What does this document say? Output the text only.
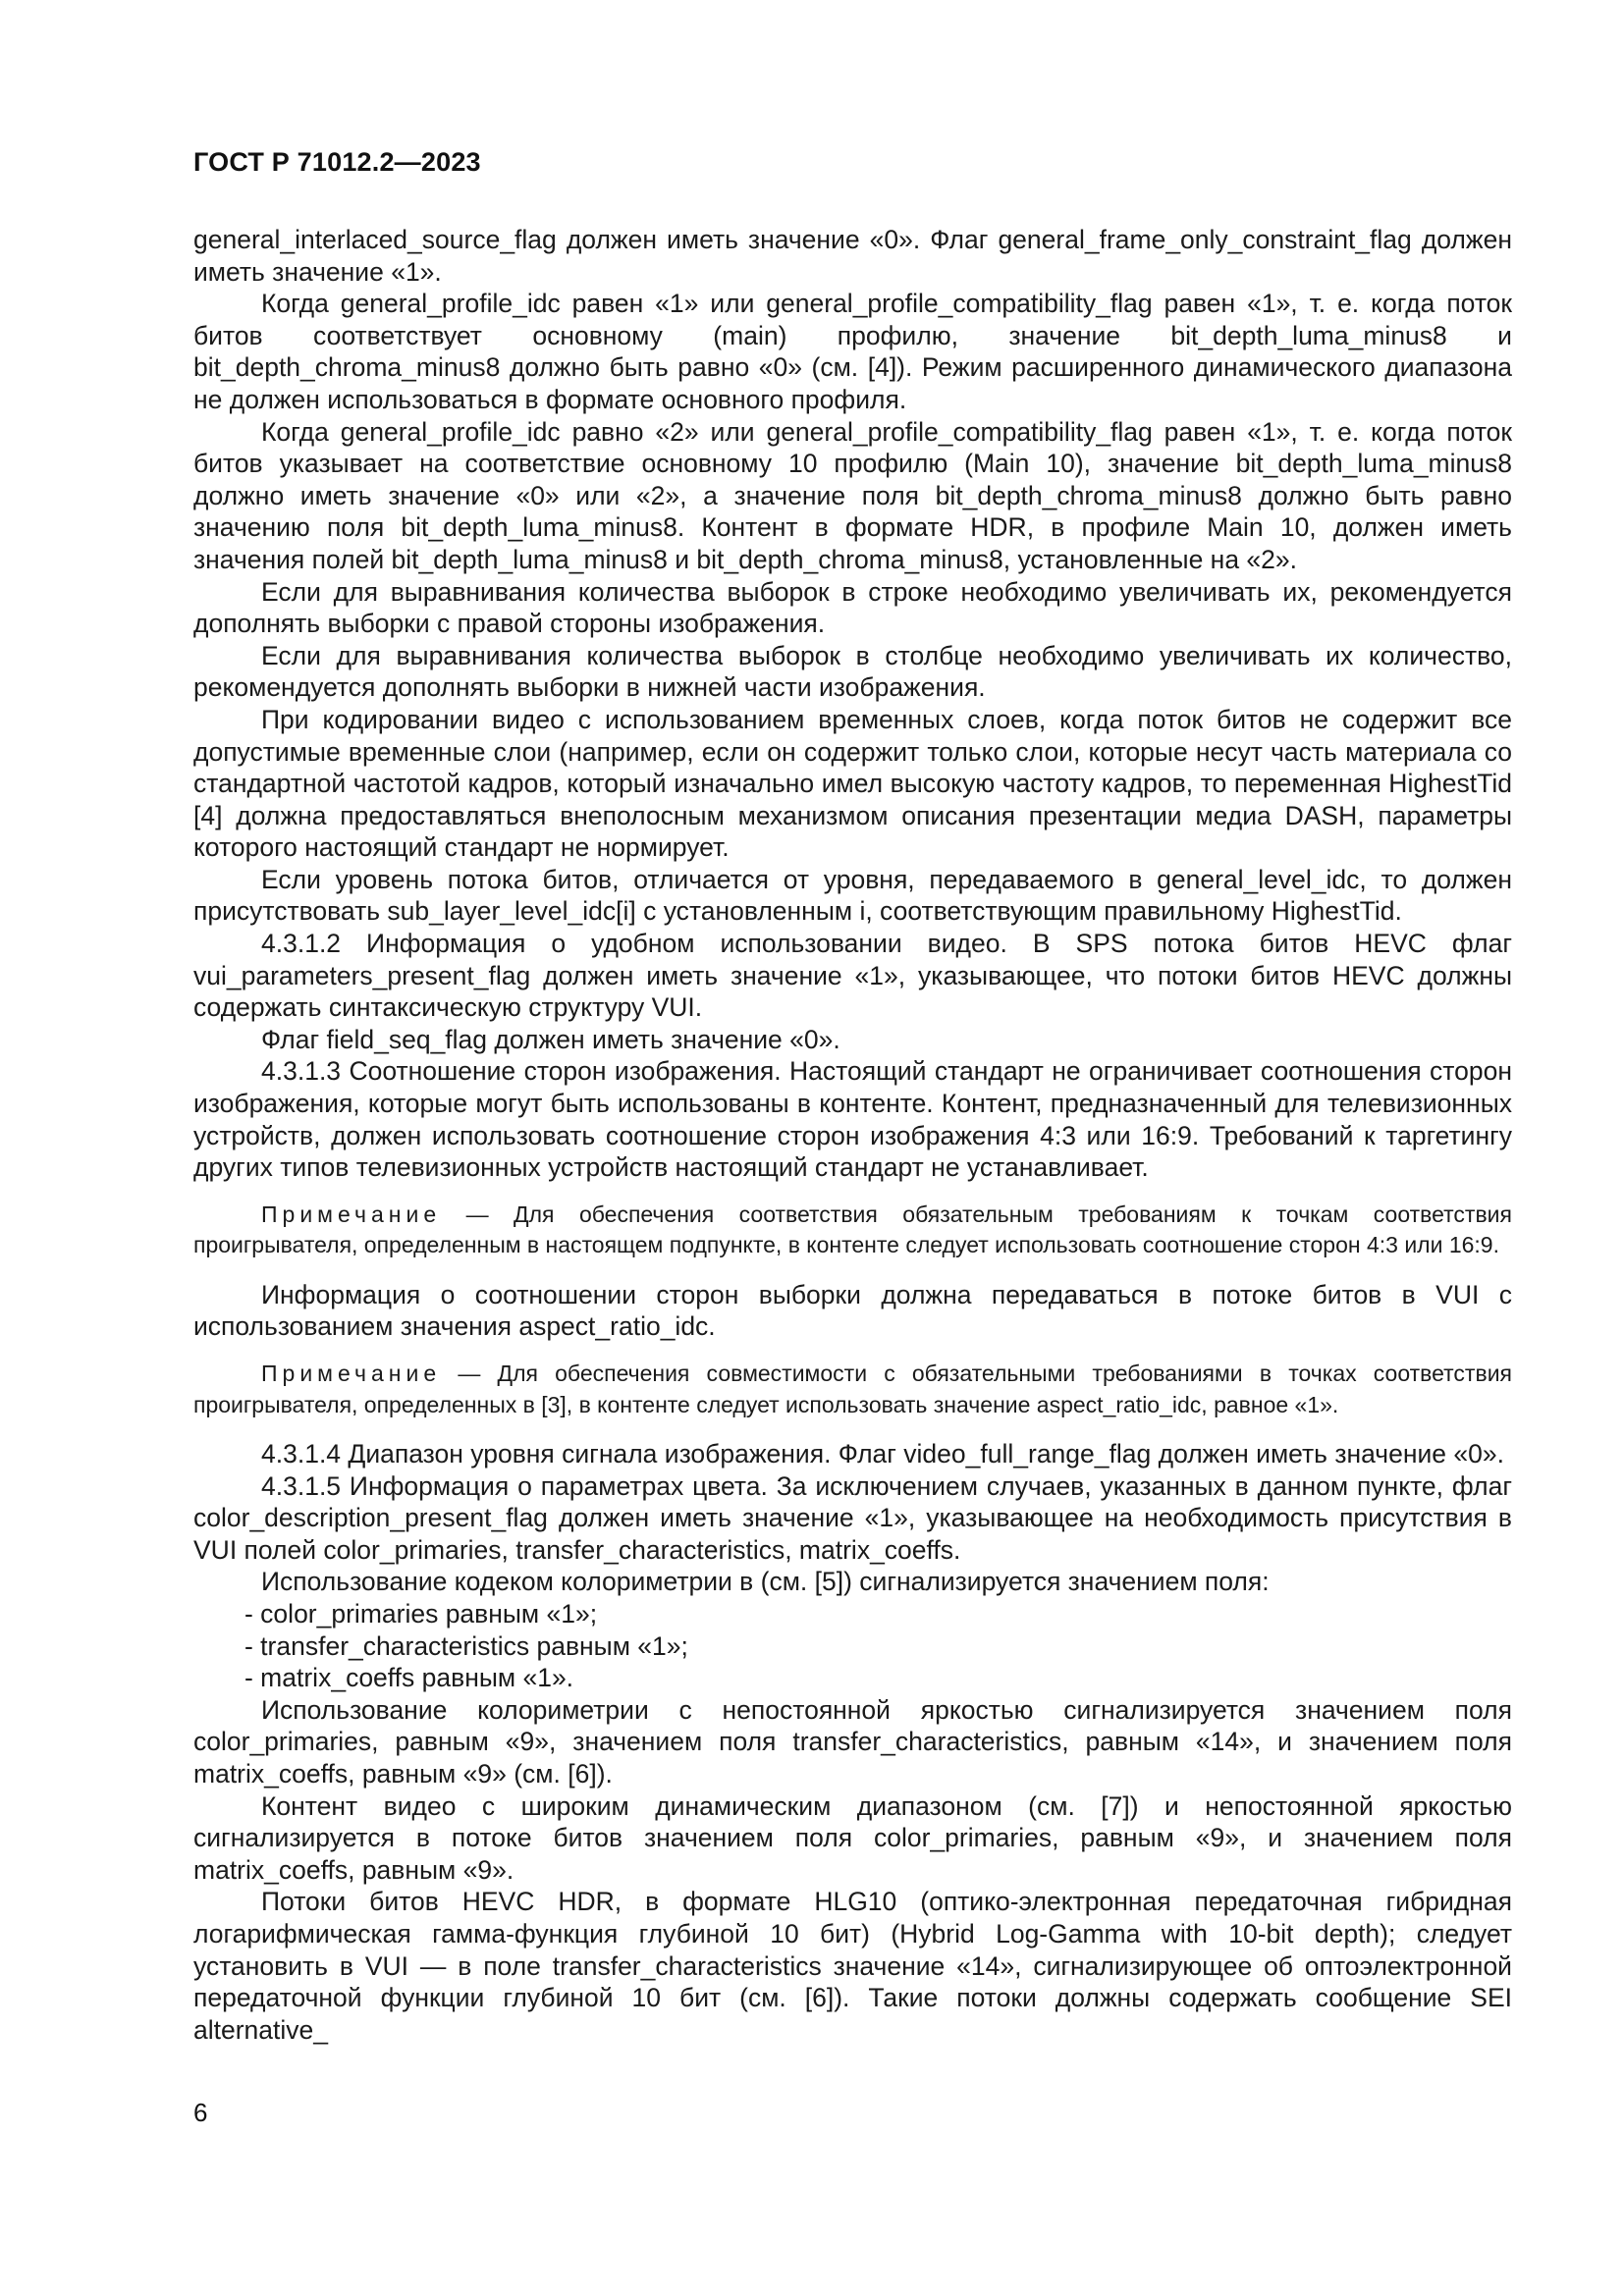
ГОСТ Р 71012.2—2023

general_interlaced_source_flag должен иметь значение «0». Флаг general_frame_only_constraint_flag должен иметь значение «1».

Когда general_profile_idc равен «1» или general_profile_compatibility_flag равен «1», т. е. когда поток битов соответствует основному (main) профилю, значение bit_depth_luma_minus8 и bit_depth_chroma_minus8 должно быть равно «0» (см. [4]). Режим расширенного динамического диапазона не должен использоваться в формате основного профиля.

Когда general_profile_idc равно «2» или general_profile_compatibility_flag равен «1», т. е. когда поток битов указывает на соответствие основному 10 профилю (Main 10), значение bit_depth_luma_minus8 должно иметь значение «0» или «2», а значение поля bit_depth_chroma_minus8 должно быть равно значению поля bit_depth_luma_minus8. Контент в формате HDR, в профиле Main 10, должен иметь значения полей bit_depth_luma_minus8 и bit_depth_chroma_minus8, установленные на «2».

Если для выравнивания количества выборок в строке необходимо увеличивать их, рекомендуется дополнять выборки с правой стороны изображения.

Если для выравнивания количества выборок в столбце необходимо увеличивать их количество, рекомендуется дополнять выборки в нижней части изображения.

При кодировании видео с использованием временных слоев, когда поток битов не содержит все допустимые временные слои (например, если он содержит только слои, которые несут часть материала со стандартной частотой кадров, который изначально имел высокую частоту кадров, то переменная HighestTid [4] должна предоставляться внеполосным механизмом описания презентации медиа DASH, параметры которого настоящий стандарт не нормирует.

Если уровень потока битов, отличается от уровня, передаваемого в general_level_idc, то должен присутствовать sub_layer_level_idc[i] с установленным i, соответствующим правильному HighestTid.

4.3.1.2 Информация о удобном использовании видео. В SPS потока битов HEVC флаг vui_parameters_present_flag должен иметь значение «1», указывающее, что потоки битов HEVC должны содержать синтаксическую структуру VUI.

Флаг field_seq_flag должен иметь значение «0».

4.3.1.3 Соотношение сторон изображения. Настоящий стандарт не ограничивает соотношения сторон изображения, которые могут быть использованы в контенте. Контент, предназначенный для телевизионных устройств, должен использовать соотношение сторон изображения 4:3 или 16:9. Требований к таргетингу других типов телевизионных устройств настоящий стандарт не устанавливает.

Примечание — Для обеспечения соответствия обязательным требованиям к точкам соответствия проигрывателя, определенным в настоящем подпункте, в контенте следует использовать соотношение сторон 4:3 или 16:9.

Информация о соотношении сторон выборки должна передаваться в потоке битов в VUI с использованием значения aspect_ratio_idc.

Примечание — Для обеспечения совместимости с обязательными требованиями в точках соответствия проигрывателя, определенных в [3], в контенте следует использовать значение aspect_ratio_idc, равное «1».

4.3.1.4 Диапазон уровня сигнала изображения. Флаг video_full_range_flag должен иметь значение «0».

4.3.1.5 Информация о параметрах цвета. За исключением случаев, указанных в данном пункте, флаг color_description_present_flag должен иметь значение «1», указывающее на необходимость присутствия в VUI полей color_primaries, transfer_characteristics, matrix_coeffs.

Использование кодеком колориметрии в (см. [5]) сигнализируется значением поля:

- color_primaries равным «1»;

- transfer_characteristics равным «1»;

- matrix_coeffs равным «1».

Использование колориметрии с непостоянной яркостью сигнализируется значением поля color_primaries, равным «9», значением поля transfer_characteristics, равным «14», и значением поля matrix_coeffs, равным «9» (см. [6]).

Контент видео с широким динамическим диапазоном (см. [7]) и непостоянной яркостью сигнализируется в потоке битов значением поля color_primaries, равным «9», и значением поля matrix_coeffs, равным «9».

Потоки битов HEVC HDR, в формате HLG10 (оптико-электронная передаточная гибридная логарифмическая гамма-функция глубиной 10 бит) (Hybrid Log-Gamma with 10-bit depth); следует установить в VUI — в поле transfer_characteristics значение «14», сигнализирующее об оптоэлектронной передаточной функции глубиной 10 бит (см. [6]). Такие потоки должны содержать сообщение SEI alternative_

6
